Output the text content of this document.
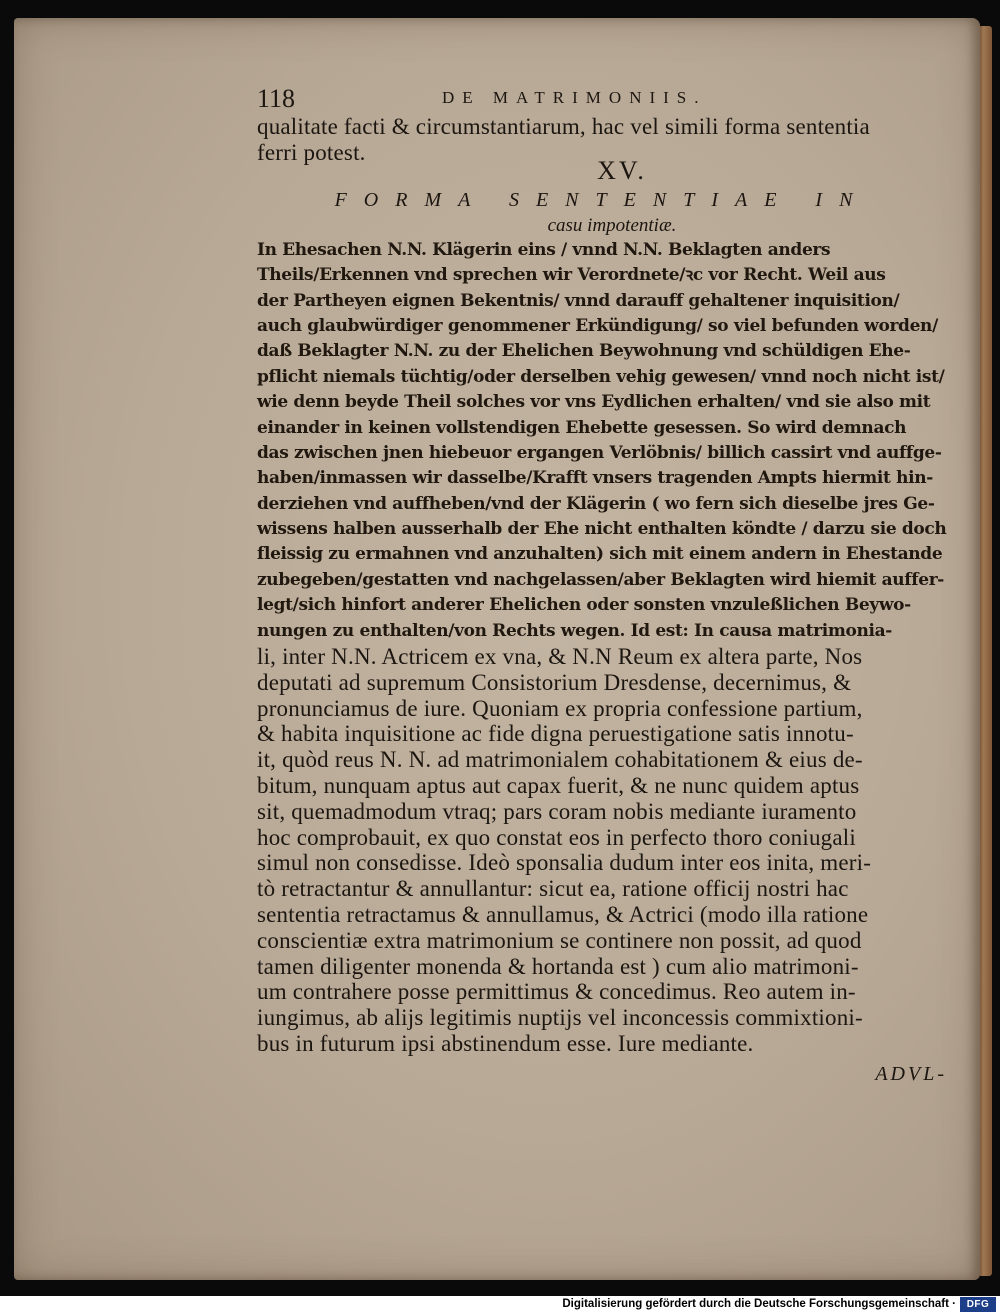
118	DE MATRIMONIIS.
qualitate facti & circumstantiarum, hac vel simili forma sententia
ferri potest.
XV.
FORMA SENTENTIAE IN
casu impotentiæ.
In Ehesachen N.N. Klägerin eins / vnnd N.N. Beklagten anders
Theils/Erkennen vnd sprechen wir Verordnete/ꝛc vor Recht. Weil aus
der Partheyen eignen Bekentnis/ vnnd darauff gehaltener inquisition/
auch glaubwürdiger genommener Erkündigung/ so viel befunden worden/
daß Beklagter N.N. zu der Ehelichen Beywohnung vnd schüldigen Ehe-
pflicht niemals tüchtig/oder derselben vehig gewesen/ vnnd noch nicht ist/
wie denn beyde Theil solches vor vns Eydlichen erhalten/ vnd sie also mit
einander in keinen vollstendigen Ehebette gesessen. So wird demnach
das zwischen jnen hiebeuor ergangen Verlöbnis/ billich cassirt vnd auffge-
haben/inmassen wir dasselbe/Krafft vnsers tragenden Ampts hiermit hin-
derziehen vnd auffheben/vnd der Klägerin ( wo fern sich dieselbe jres Ge-
wissens halben ausserhalb der Ehe nicht enthalten köndte / darzu sie doch
fleissig zu ermahnen vnd anzuhalten) sich mit einem andern in Ehestande
zubegeben/gestatten vnd nachgelassen/aber Beklagten wird hiemit auffer-
legt/sich hinfort anderer Ehelichen oder sonsten vnzuleßlichen Beywo-
nungen zu enthalten/von Rechts wegen. Id est: In causa matrimonia-
li, inter N.N. Actricem ex vna, & N.N Reum ex altera parte, Nos
deputati ad supremum Consistorium Dresdense, decernimus, &
pronunciamus de iure. Quoniam ex propria confessione partium,
& habita inquisitione ac fide digna peruestigatione satis innotu-
it, quòd reus N. N. ad matrimonialem cohabitationem & eius de-
bitum, nunquam aptus aut capax fuerit, & ne nunc quidem aptus
sit, quemadmodum vtraq; pars coram nobis mediante iuramento
hoc comprobauit, ex quo constat eos in perfecto thoro coniugali
simul non consedisse. Ideò sponsalia dudum inter eos inita, meri-
tò retractantur & annullantur: sicut ea, ratione officij nostri hac
sententia retractamus & annullamus, & Actrici (modo illa ratione
conscientiæ extra matrimonium se continere non possit, ad quod
tamen diligenter monenda & hortanda est ) cum alio matrimoni-
um contrahere posse permittimus & concedimus. Reo autem in-
iungimus, ab alijs legitimis nuptijs vel inconcessis commixtioni-
bus in futurum ipsi abstinendum esse. Iure mediante.
ADVL-
Digitalisierung gefördert durch die Deutsche Forschungsgemeinschaft ·	DFG
